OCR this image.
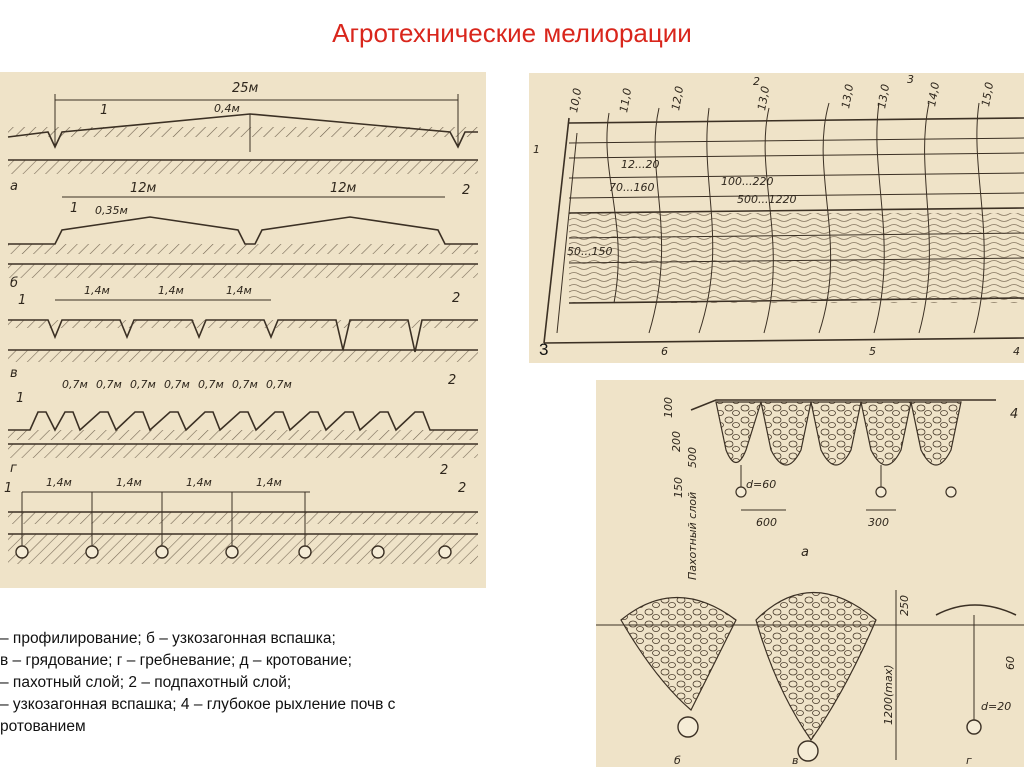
Агротехнические мелиорации
25м
0,4м
1
2
а	12м	12м
0,35м
1
2
б	1,4м	1,4м	1,4м
1
2
в
0,7м 0,7м 0,7м 0,7м 0,7м 0,7м 0,7м
1
2
г
1,4м	1,4м	1,4м	1,4м
1	2
10,0	11,0	12,0	13,0	13,0 13,0	14,0	15,0
12...20
70...160	100...220
500...1220
50...150
1
2	3
4
5
6
3
100
200
150
500
600	300
d=60
Пахотный слой	а
4
250
1200(max)
60
d=20
б	в	г
– профилирование; б – узкозагонная вспашка;
в – грядование; г – гребневание; д – кротование;
– пахотный слой; 2 – подпахотный слой;
– узкозагонная вспашка; 4 – глубокое рыхление почв с
ротованием
